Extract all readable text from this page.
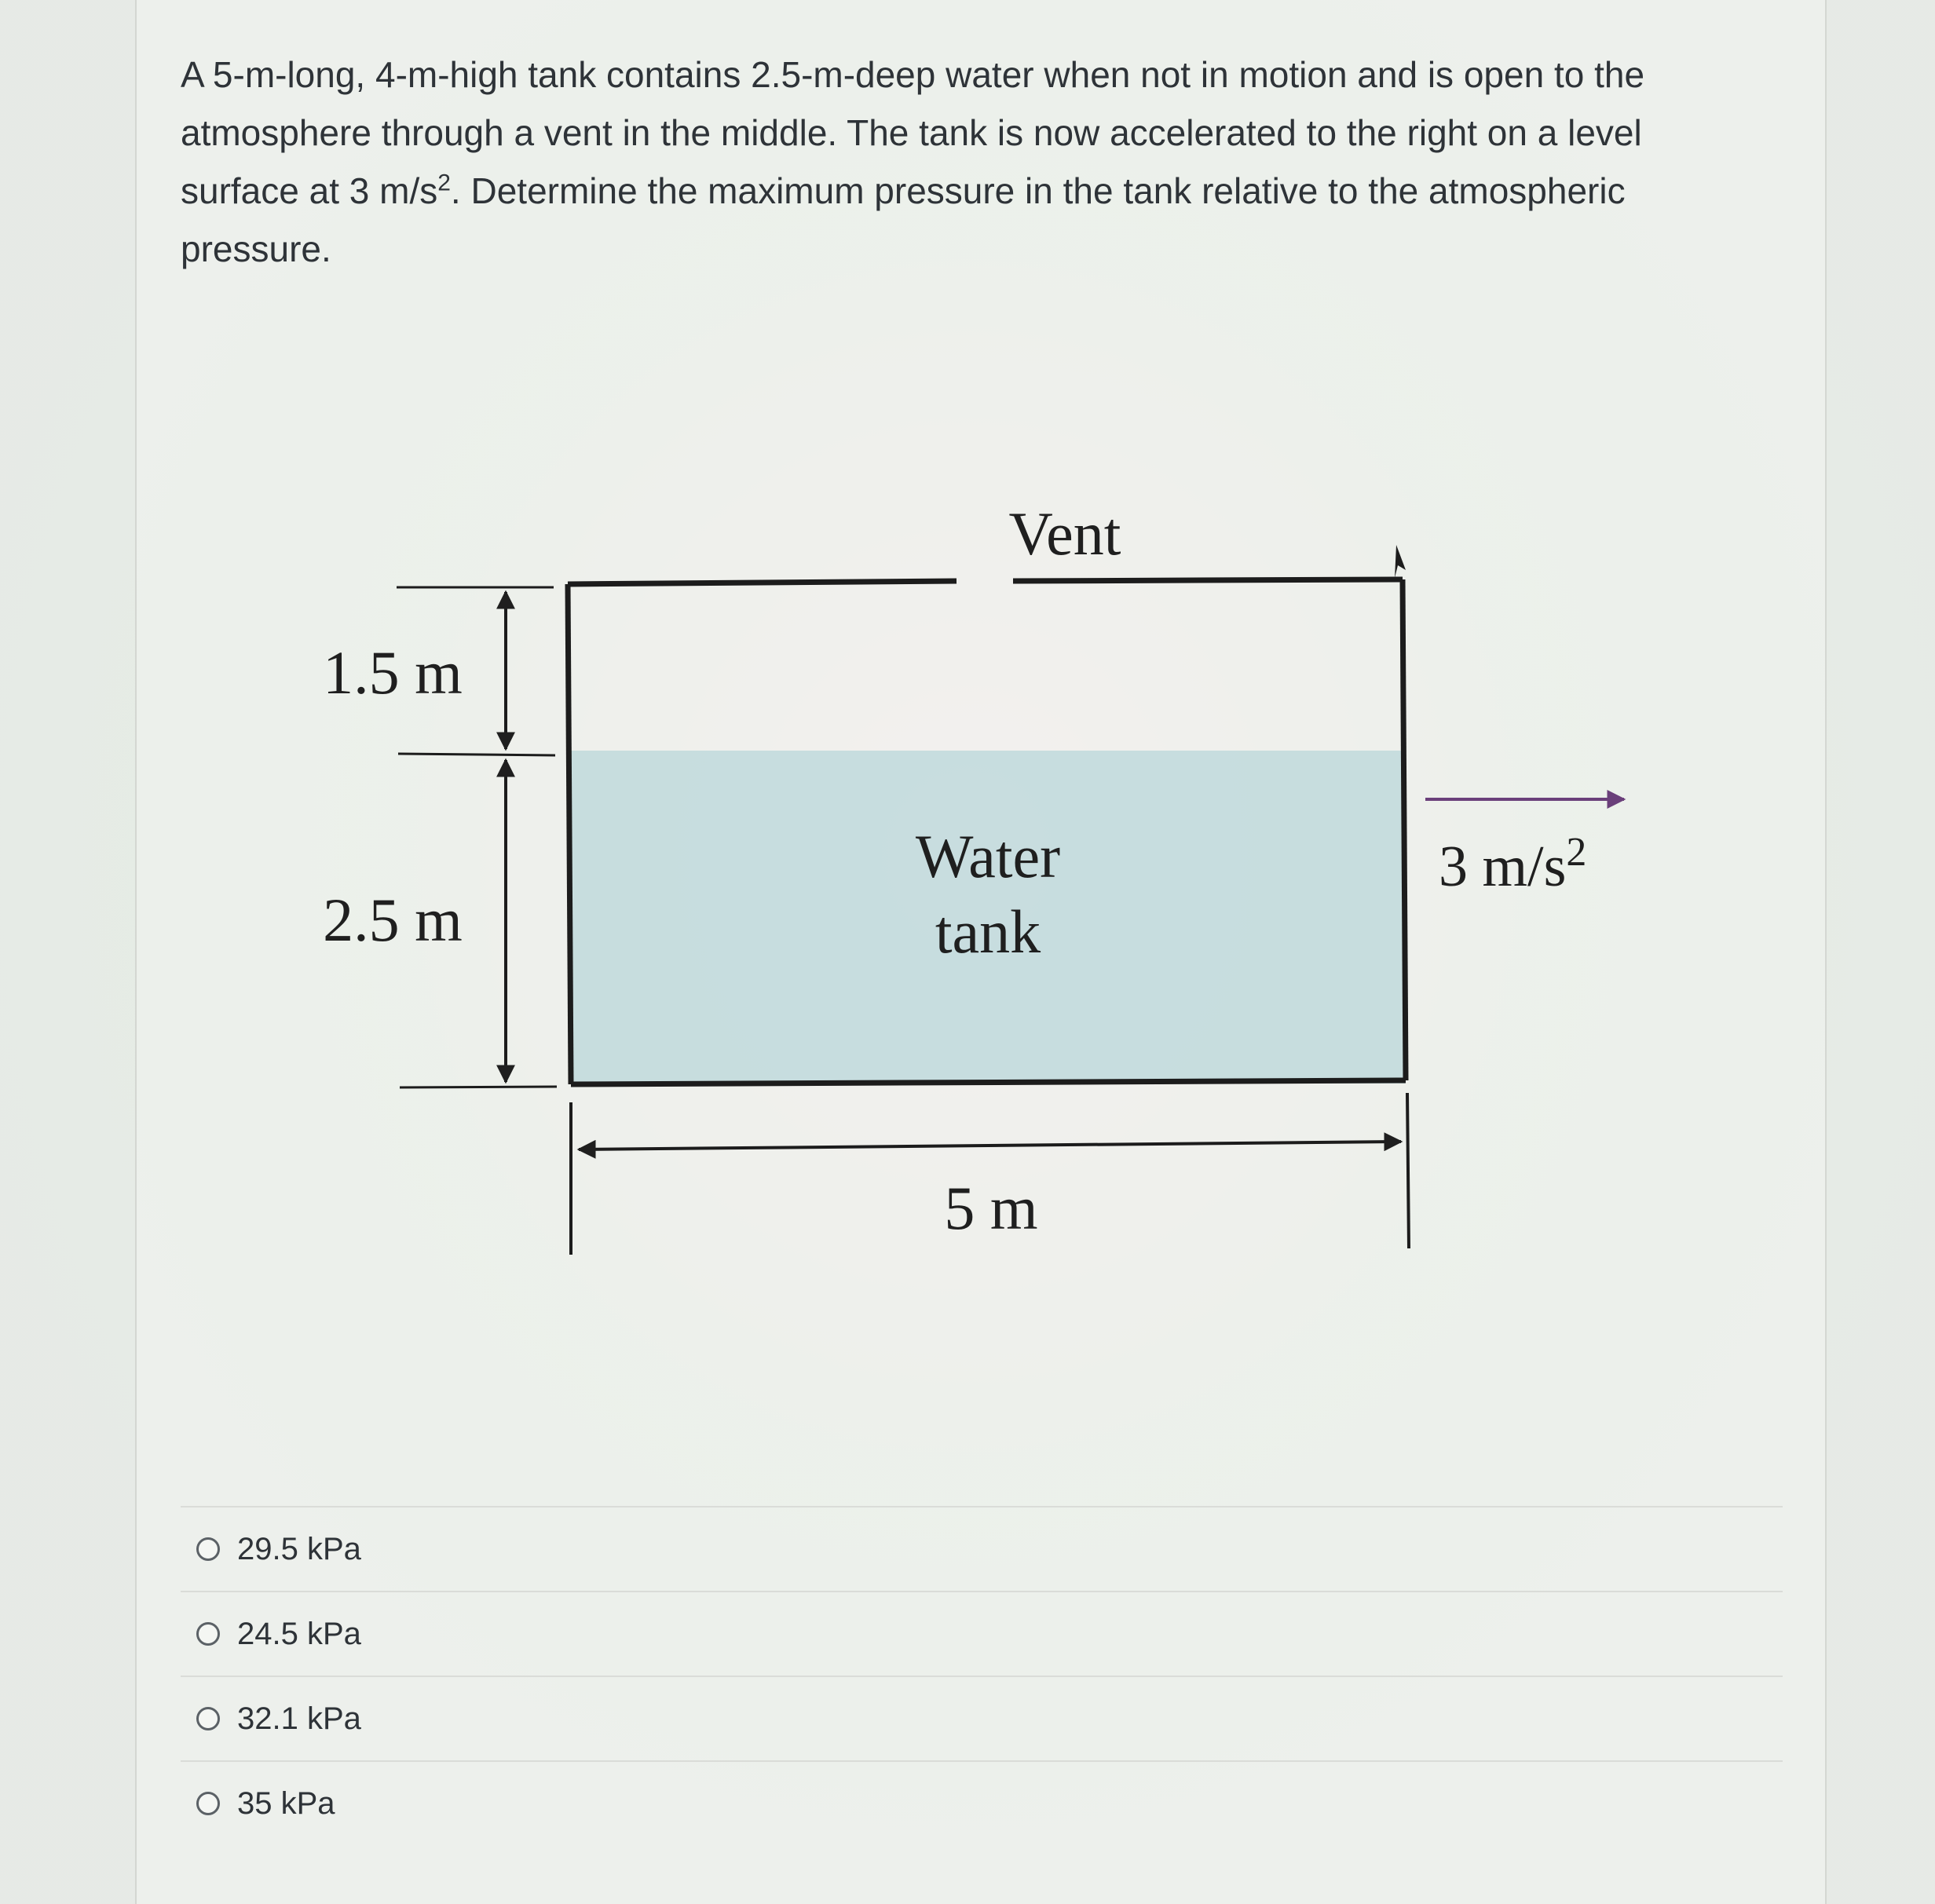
A 5-m-long, 4-m-high tank contains 2.5-m-deep water when not in motion and is open to the atmosphere through a vent in the middle. The tank is now accelerated to the right on a level surface at 3 $m/s^2$. Determine the maximum pressure in the tank relative to the atmospheric pressure.
Vent
1.5 m
2.5 m
Water
tank
5 m
3 $m/s^2$
29.5 kPa
24.5 kPa
32.1 kPa
35 kPa
